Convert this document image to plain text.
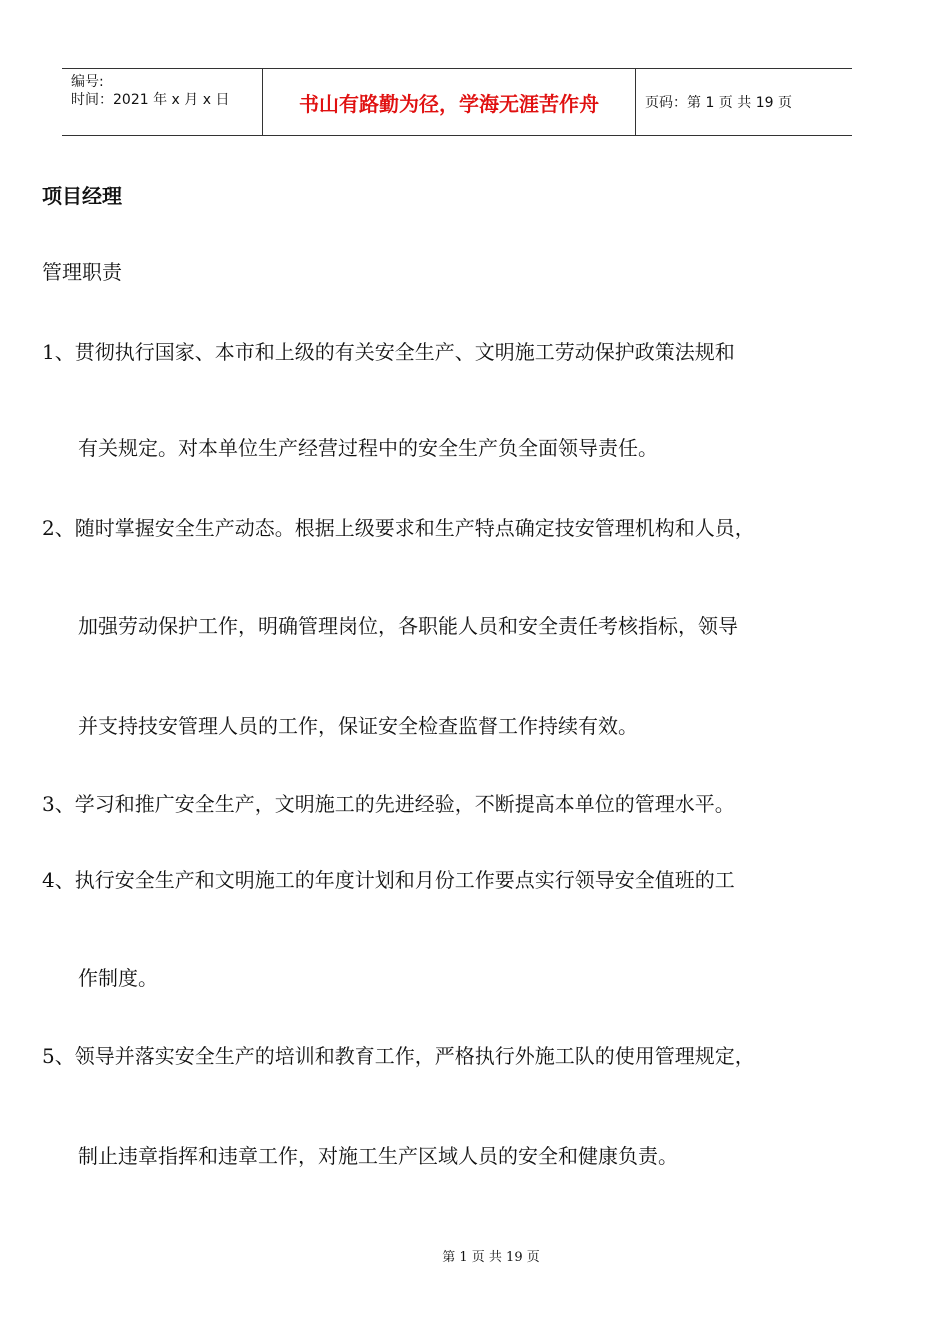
编号:
时间：2021 年 x 月 x 日	书山有路勤为径，学海无涯苦作舟	页码：第 1 页 共 19 页
项目经理
管理职责
1、贯彻执行国家、本市和上级的有关安全生产、文明施工劳动保护政策法规和
有关规定。对本单位生产经营过程中的安全生产负全面领导责任。
2、随时掌握安全生产动态。根据上级要求和生产特点确定技安管理机构和人员，
加强劳动保护工作，明确管理岗位，各职能人员和安全责任考核指标，领导
并支持技安管理人员的工作，保证安全检查监督工作持续有效。
3、学习和推广安全生产，文明施工的先进经验，不断提高本单位的管理水平。
4、执行安全生产和文明施工的年度计划和月份工作要点实行领导安全值班的工
作制度。
5、领导并落实安全生产的培训和教育工作，严格执行外施工队的使用管理规定，
制止违章指挥和违章工作，对施工生产区域人员的安全和健康负责。
第 1 页 共 19 页
